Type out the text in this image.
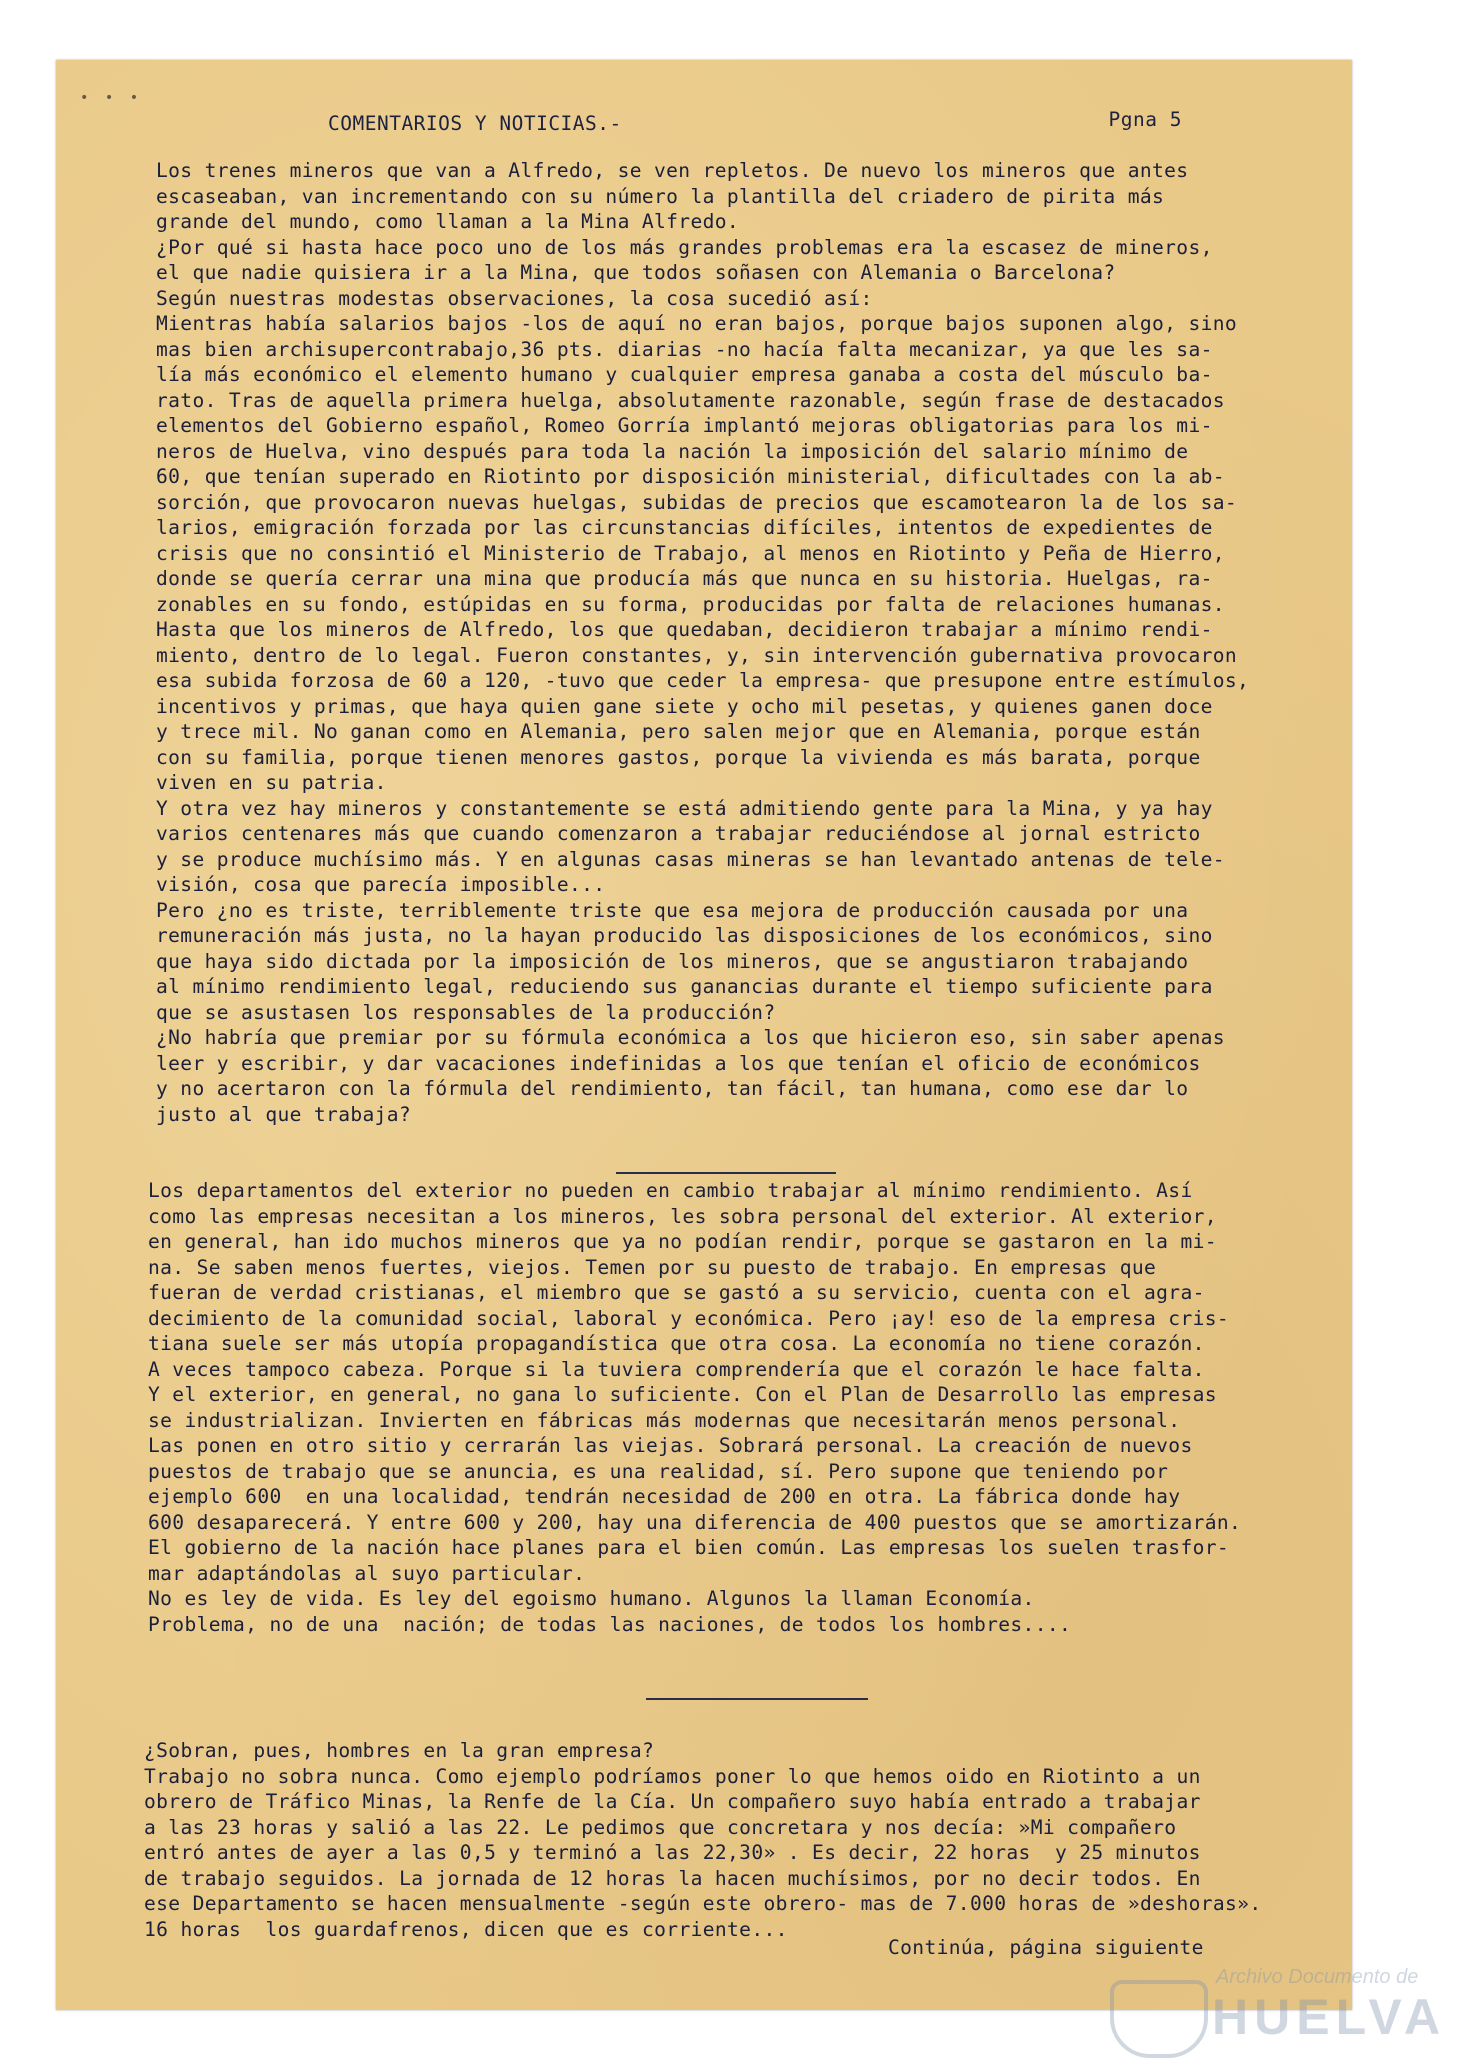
• • •
COMENTARIOS Y NOTICIAS.-	Pgna 5
Los trenes mineros que van a Alfredo, se ven repletos. De nuevo los mineros que antes
escaseaban, van incrementando con su número la plantilla del criadero de pirita más
grande del mundo, como llaman a la Mina Alfredo.
¿Por qué si hasta hace poco uno de los más grandes problemas era la escasez de mineros,
el que nadie quisiera ir a la Mina, que todos soñasen con Alemania o Barcelona?
Según nuestras modestas observaciones, la cosa sucedió así:
Mientras había salarios bajos -los de aquí no eran bajos, porque bajos suponen algo, sino
mas bien archisupercontrabajo,36 pts. diarias -no hacía falta mecanizar, ya que les sa-
lía más económico el elemento humano y cualquier empresa ganaba a costa del músculo ba-
rato. Tras de aquella primera huelga, absolutamente razonable, según frase de destacados
elementos del Gobierno español, Romeo Gorría implantó mejoras obligatorias para los mi-
neros de Huelva, vino después para toda la nación la imposición del salario mínimo de
60, que tenían superado en Riotinto por disposición ministerial, dificultades con la ab-
sorción, que provocaron nuevas huelgas, subidas de precios que escamotearon la de los sa-
larios, emigración forzada por las circunstancias difíciles, intentos de expedientes de
crisis que no consintió el Ministerio de Trabajo, al menos en Riotinto y Peña de Hierro,
donde se quería cerrar una mina que producía más que nunca en su historia. Huelgas, ra-
zonables en su fondo, estúpidas en su forma, producidas por falta de relaciones humanas.
Hasta que los mineros de Alfredo, los que quedaban, decidieron trabajar a mínimo rendi-
miento, dentro de lo legal. Fueron constantes, y, sin intervención gubernativa provocaron
esa subida forzosa de 60 a 120, -tuvo que ceder la empresa- que presupone entre estímulos,
incentivos y primas, que haya quien gane siete y ocho mil pesetas, y quienes ganen doce
y trece mil. No ganan como en Alemania, pero salen mejor que en Alemania, porque están
con su familia, porque tienen menores gastos, porque la vivienda es más barata, porque
viven en su patria.
Y otra vez hay mineros y constantemente se está admitiendo gente para la Mina, y ya hay
varios centenares más que cuando comenzaron a trabajar reduciéndose al jornal estricto
y se produce muchísimo más. Y en algunas casas mineras se han levantado antenas de tele-
visión, cosa que parecía imposible...
Pero ¿no es triste, terriblemente triste que esa mejora de producción causada por una
remuneración más justa, no la hayan producido las disposiciones de los económicos, sino
que haya sido dictada por la imposición de los mineros, que se angustiaron trabajando
al mínimo rendimiento legal, reduciendo sus ganancias durante el tiempo suficiente para
que se asustasen los responsables de la producción?
¿No habría que premiar por su fórmula económica a los que hicieron eso, sin saber apenas
leer y escribir, y dar vacaciones indefinidas a los que tenían el oficio de económicos
y no acertaron con la fórmula del rendimiento, tan fácil, tan humana, como ese dar lo
justo al que trabaja?
Los departamentos del exterior no pueden en cambio trabajar al mínimo rendimiento. Así
como las empresas necesitan a los mineros, les sobra personal del exterior. Al exterior,
en general, han ido muchos mineros que ya no podían rendir, porque se gastaron en la mi-
na. Se saben menos fuertes, viejos. Temen por su puesto de trabajo. En empresas que
fueran de verdad cristianas, el miembro que se gastó a su servicio, cuenta con el agra-
decimiento de la comunidad social, laboral y económica. Pero ¡ay! eso de la empresa cris-
tiana suele ser más utopía propagandística que otra cosa. La economía no tiene corazón.
A veces tampoco cabeza. Porque si la tuviera comprendería que el corazón le hace falta.
Y el exterior, en general, no gana lo suficiente. Con el Plan de Desarrollo las empresas
se industrializan. Invierten en fábricas más modernas que necesitarán menos personal.
Las ponen en otro sitio y cerrarán las viejas. Sobrará personal. La creación de nuevos
puestos de trabajo que se anuncia, es una realidad, sí. Pero supone que teniendo por
ejemplo 600  en una localidad, tendrán necesidad de 200 en otra. La fábrica donde hay
600 desaparecerá. Y entre 600 y 200, hay una diferencia de 400 puestos que se amortizarán.
El gobierno de la nación hace planes para el bien común. Las empresas los suelen trasfor-
mar adaptándolas al suyo particular.
No es ley de vida. Es ley del egoismo humano. Algunos la llaman Economía.
Problema, no de una  nación; de todas las naciones, de todos los hombres....
¿Sobran, pues, hombres en la gran empresa?
Trabajo no sobra nunca. Como ejemplo podríamos poner lo que hemos oido en Riotinto a un
obrero de Tráfico Minas, la Renfe de la Cía. Un compañero suyo había entrado a trabajar
a las 23 horas y salió a las 22. Le pedimos que concretara y nos decía: »Mi compañero
entró antes de ayer a las 0,5 y terminó a las 22,30» . Es decir, 22 horas  y 25 minutos
de trabajo seguidos. La jornada de 12 horas la hacen muchísimos, por no decir todos. En
ese Departamento se hacen mensualmente -según este obrero- mas de 7.000 horas de »deshoras».
16 horas  los guardafrenos, dicen que es corriente...
Continúa, página siguiente
Archivo Documento de
HUELVA
